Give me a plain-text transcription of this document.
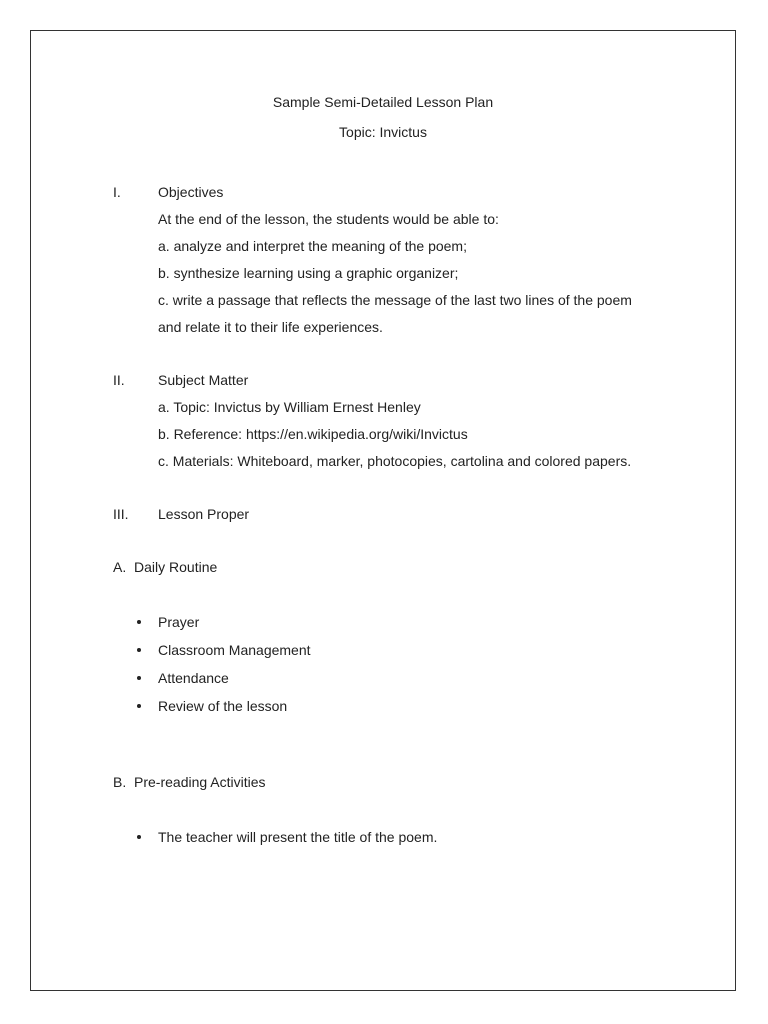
Sample Semi-Detailed Lesson Plan
Topic: Invictus
I.	Objectives
At the end of the lesson, the students would be able to:
a. analyze and interpret the meaning of the poem;
b. synthesize learning using a graphic organizer;
c. write a passage that reflects the message of the last two lines of the poem
and relate it to their life experiences.
II. Subject Matter
a. Topic: Invictus by William Ernest Henley
b. Reference: https://en.wikipedia.org/wiki/Invictus
c. Materials: Whiteboard, marker, photocopies, cartolina and colored papers.
III. Lesson Proper
A.  Daily Routine
Prayer
Classroom Management
Attendance
Review of the lesson
B.  Pre-reading Activities
The teacher will present the title of the poem.
